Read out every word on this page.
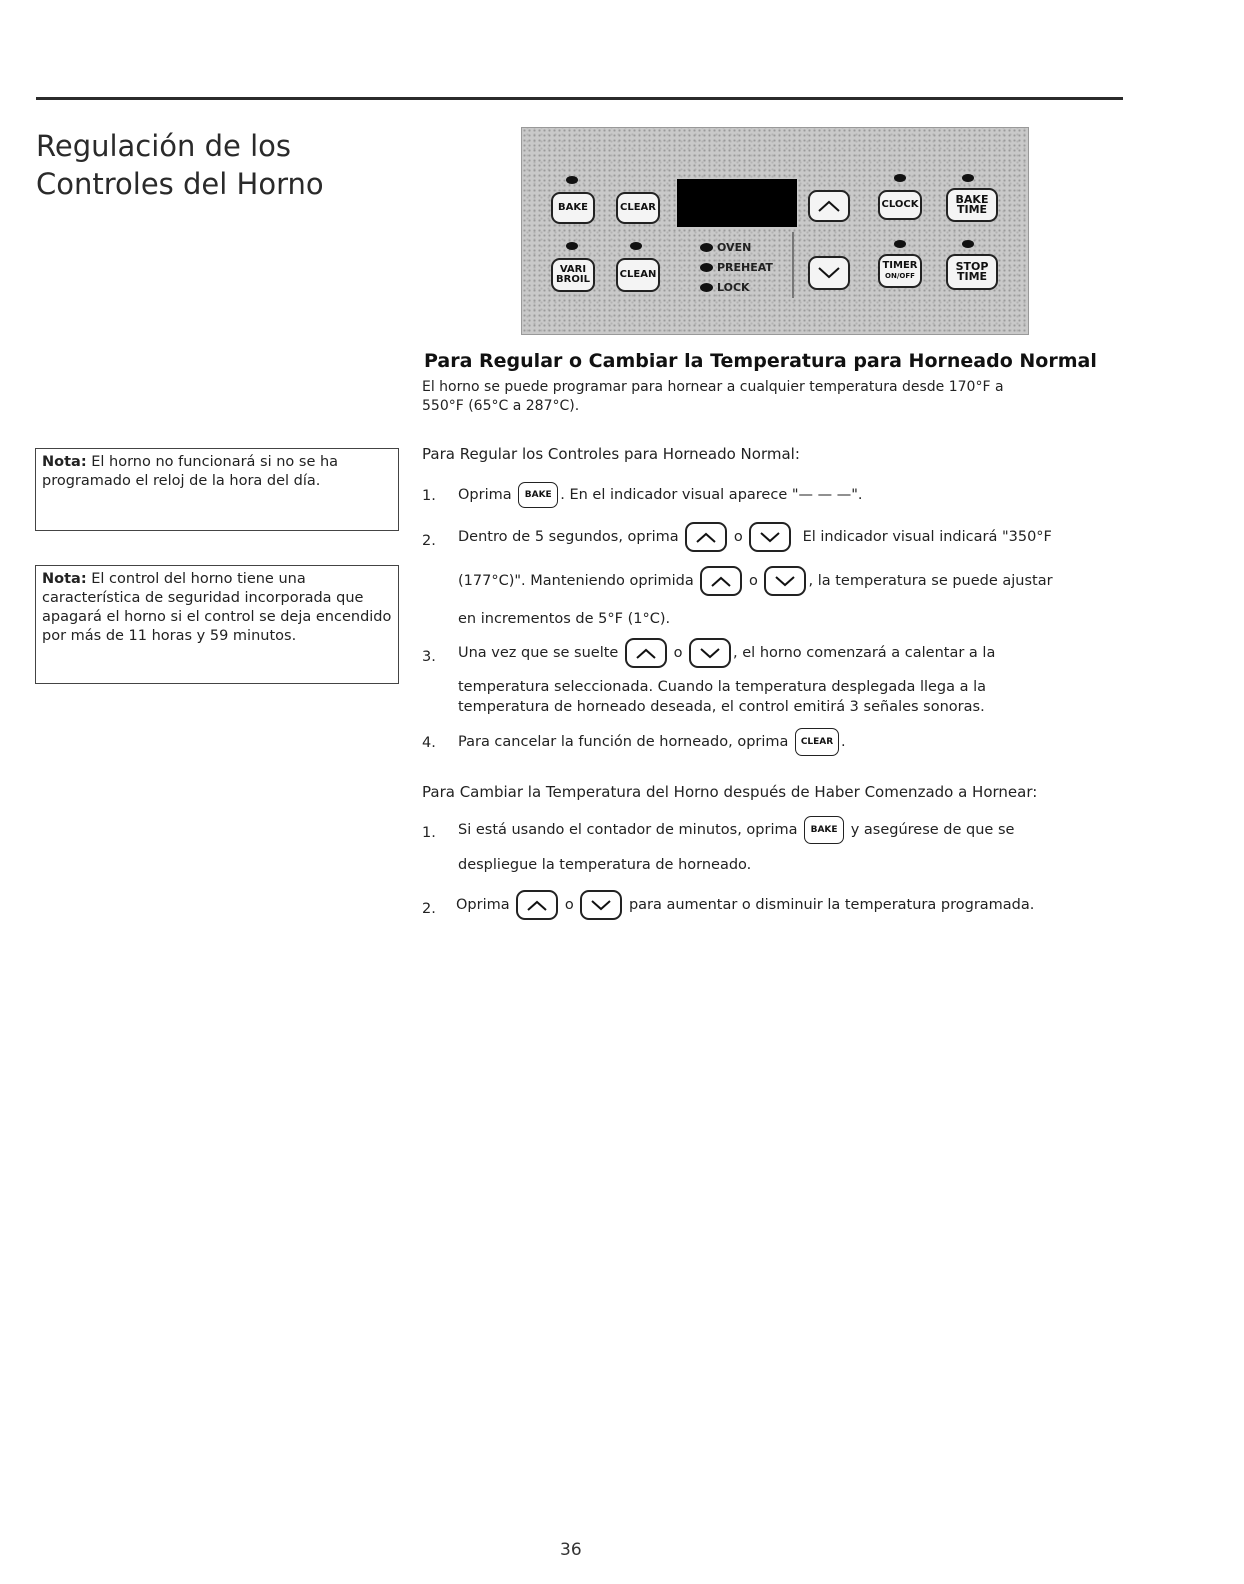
Regulación de los
Controles del Horno
BAKE	CLEAR
VARI
BROIL	CLEAN
OVEN
PREHEAT
LOCK
CLOCK	BAKE
TIME
TIMER
ON/OFF
STOP
TIME
Para Regular o Cambiar la Temperatura para Horneado Normal
El horno se puede programar para hornear a cualquier temperatura desde 170°F a
550°F (65°C a 287°C).
Para Regular los Controles para Horneado Normal:
1.	Oprima BAKE . En el indicador visual aparece "— — —".
2.	Dentro de 5 segundos, oprima	o	El indicador visual indicará "350°F
(177°C)". Manteniendo oprimida	o	, la temperatura se puede ajustar
en incrementos de 5°F (1°C).
3.	Una vez que se suelte	o	, el horno comenzará a calentar a la
temperatura seleccionada. Cuando la temperatura desplegada llega a la
temperatura de horneado deseada, el control emitirá 3 señales sonoras.
4.	Para cancelar la función de horneado, oprima CLEAR .
Para Cambiar la Temperatura del Horno después de Haber Comenzado a Hornear:
1.	Si está usando el contador de minutos, oprima BAKE y asegúrese de que se
despliegue la temperatura de horneado.
2.	Oprima	o	para aumentar o disminuir la temperatura programada.
Nota: El horno no funcionará si no se ha programado el reloj de la hora del día.
Nota: El control del horno tiene una característica de seguridad incorporada que apagará el horno si el control se deja encendido por más de 11 horas y 59 minutos.
36
